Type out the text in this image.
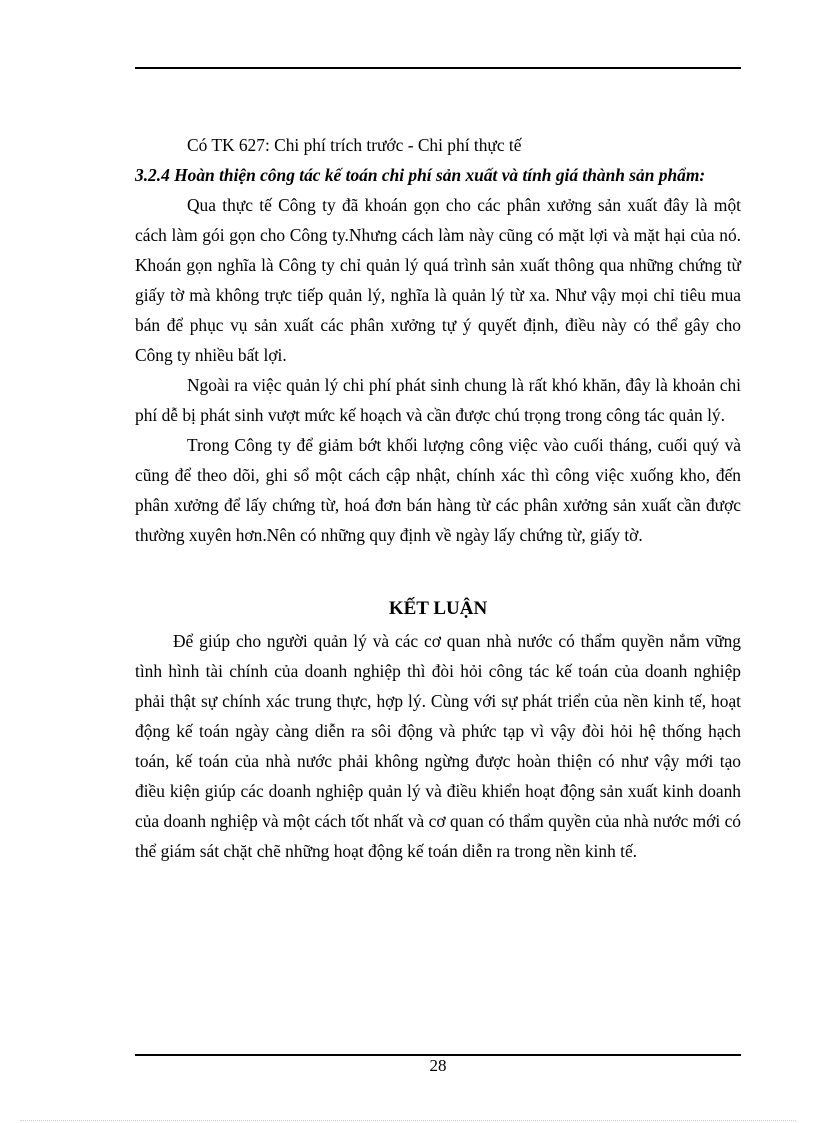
Có TK 627: Chi phí trích trước - Chi phí thực tế

3.2.4 Hoàn thiện công tác kế toán chi phí sản xuất và tính giá thành sản phẩm:

Qua thực tế Công ty đã khoán gọn cho các phân xưởng sản xuất đây là một cách làm gói gọn cho Công ty.Nhưng cách làm này cũng có mặt lợi và mặt hại của nó. Khoán gọn nghĩa là Công ty chỉ quản lý quá trình sản xuất thông qua những chứng từ giấy tờ mà không trực tiếp quản lý, nghĩa là quản lý từ xa. Như vậy mọi chỉ tiêu mua bán để phục vụ sản xuất các phân xưởng tự ý quyết định, điều này có thể gây cho Công ty nhiều bất lợi.

Ngoài ra việc quản lý chi phí phát sinh chung là rất khó khăn, đây là khoản chi phí dễ bị phát sinh vượt mức kế hoạch và cần được chú trọng trong công tác quản lý.

Trong Công ty để giảm bớt khối lượng công việc vào cuối tháng, cuối quý và cũng để theo dõi, ghi sổ một cách cập nhật, chính xác thì công việc xuống kho, đến phân xưởng để lấy chứng từ, hoá đơn bán hàng từ các phân xưởng sản xuất cần được thường xuyên hơn.Nên có những quy định về ngày lấy chứng từ, giấy tờ.

KẾT LUẬN

Để giúp cho người quản lý và các cơ quan nhà nước có thẩm quyền nắm vững tình hình tài chính của doanh nghiệp thì đòi hỏi công tác kế toán của doanh nghiệp phải thật sự chính xác trung thực, hợp lý. Cùng với sự phát triển của nền kinh tế, hoạt động kế toán ngày càng diễn ra sôi động và phức tạp vì vậy đòi hỏi hệ thống hạch toán, kế toán của nhà nước phải không ngừng được hoàn thiện có như vậy mới tạo điều kiện giúp các doanh nghiệp quản lý và điều khiển hoạt động sản xuất kinh doanh của doanh nghiệp và một cách tốt nhất và cơ quan có thẩm quyền của nhà nước mới có thể giám sát chặt chẽ những hoạt động kế toán diễn ra trong nền kinh tế.

28
